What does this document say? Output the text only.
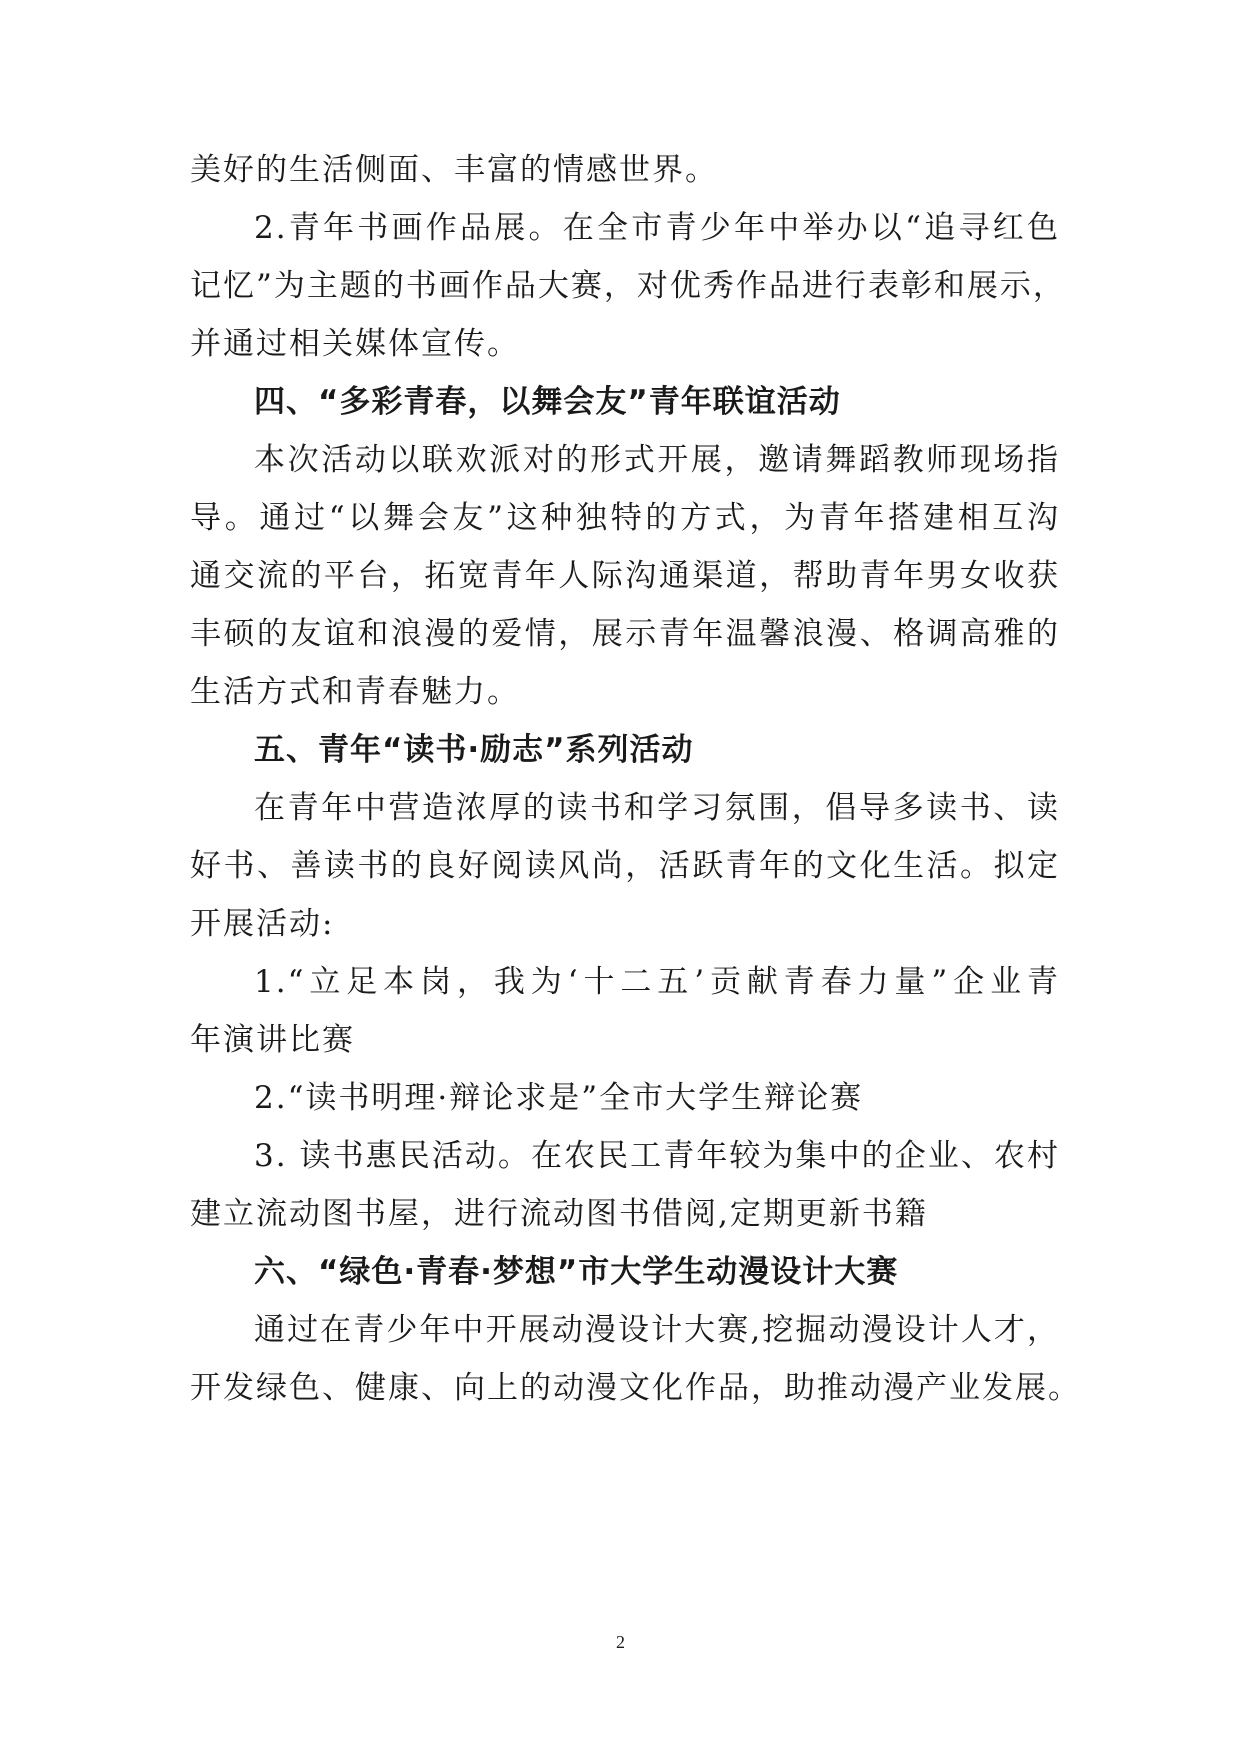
美好的生活侧面、丰富的情感世界。
2.青年书画作品展。在全市青少年中举办以“追寻红色
记忆”为主题的书画作品大赛，对优秀作品进行表彰和展示，
并通过相关媒体宣传。
四、“多彩青春，以舞会友”青年联谊活动
本次活动以联欢派对的形式开展，邀请舞蹈教师现场指
导。通过“以舞会友”这种独特的方式，为青年搭建相互沟
通交流的平台，拓宽青年人际沟通渠道，帮助青年男女收获
丰硕的友谊和浪漫的爱情，展示青年温馨浪漫、格调高雅的
生活方式和青春魅力。
五、青年“读书·励志”系列活动
在青年中营造浓厚的读书和学习氛围，倡导多读书、读
好书、善读书的良好阅读风尚，活跃青年的文化生活。拟定
开展活动:
1.“立足本岗，我为‘十二五’贡献青春力量”企业青
年演讲比赛
2.“读书明理·辩论求是”全市大学生辩论赛
3. 读书惠民活动。在农民工青年较为集中的企业、农村
建立流动图书屋，进行流动图书借阅,定期更新书籍
六、“绿色·青春·梦想”市大学生动漫设计大赛
通过在青少年中开展动漫设计大赛,挖掘动漫设计人才，
开发绿色、健康、向上的动漫文化作品，助推动漫产业发展。
2
